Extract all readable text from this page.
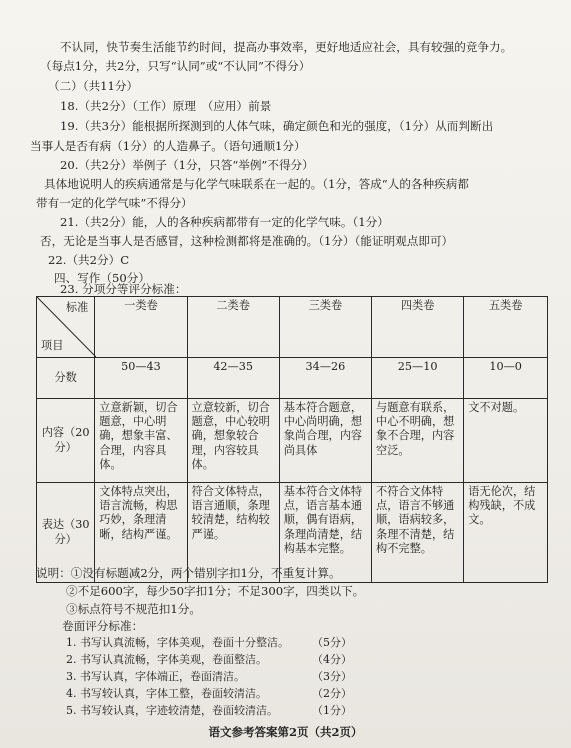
不认同，快节奏生活能节约时间，提高办事效率，更好地适应社会，具有较强的竞争力。
（每点1分，共2分，只写“认同”或“不认同”不得分）
（二）（共11分）
18.（共2分）（工作）原理　（应用）前景
19.（共3分）能根据所探测到的人体气味，确定颜色和光的强度，（1分）从而判断出
当事人是否有病（1分）的人造鼻子。（语句通顺1分）
20.（共2分）举例子（1分，只答“举例”不得分）
具体地说明人的疾病通常是与化学气味联系在一起的。（1分，答成“人的各种疾病都
带有一定的化学气味”不得分）
21.（共2分）能，人的各种疾病都带有一定的化学气味。（1分）
否，无论是当事人是否感冒，这种检测都将是准确的。（1分）（能证明观点即可）
22.（共2分）C
四、写作（50分）
23. 分项分等评分标准：
标准
项目	一类卷	二类卷	三类卷	四类卷	五类卷
分数	50—43	42—35	34—26	25—10	10—0
内容（20分）	立意新颖，切合题意，中心明确，想象丰富、合理，内容具体。	立意较新，切合题意，中心较明确，想象较合理，内容较具体。	基本符合题意，中心尚明确，想象尚合理，内容尚具体	与题意有联系，中心不明确，想象不合理，内容空泛。	文不对题。
表达（30分）	文体特点突出，语言流畅，构思巧妙，条理清晰，结构严谨。	符合文体特点，语言通顺，条理较清楚，结构较严谨。	基本符合文体特点，语言基本通顺，偶有语病，条理尚清楚，结构基本完整。	不符合文体特点，语言不够通顺，语病较多，条理不清楚，结构不完整。	语无伦次，结构残缺，不成文。
说明：①没有标题减2分，两个错别字扣1分，不重复计算。
②不足600字，每少50字扣1分；不足300字，四类以下。
③标点符号不规范扣1分。
卷面评分标准：
1. 书写认真流畅，字体美观，卷面十分整洁。 （5分）
2. 书写认真流畅，字体美观，卷面整洁。	（4分）
3. 书写认真，字体端正，卷面清洁。	（3分）
4. 书写较认真，字体工整，卷面较清洁。	（2分）
5. 书写较认真，字迹较清楚，卷面较清洁。	（1分）
语文参考答案第2页（共2页）
